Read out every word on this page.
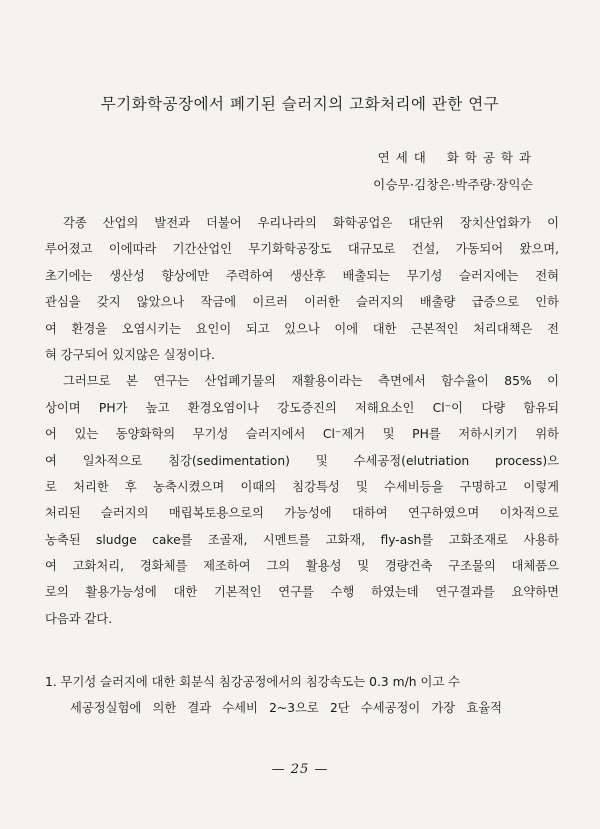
무기화학공장에서 폐기된 슬러지의 고화처리에 관한 연구
연 세 대    화 학 공 학 과
이승무·김창은·박주량·장익순
각종 산업의 발전과 더불어 우리나라의 화학공업은 대단위 장치산업화가 이
루어졌고 이에따라 기간산업인 무기화학공장도 대규모로 건설, 가동되어 왔으며,
초기에는 생산성 향상에만 주력하여 생산후 배출되는 무기성 슬러지에는 전혀
관심을 갖지 않았으나 작금에 이르러 이러한 슬러지의 배출량 급증으로 인하
여 환경을 오염시키는 요인이 되고 있으나 이에 대한 근본적인 처리대책은 전
혀 강구되어 있지않은 실정이다.
그러므로 본 연구는 산업폐기물의 재활용이라는 측면에서 함수율이 85% 이
상이며 PH가 높고 환경오염이나 강도증진의 저해요소인 Cl⁻이 다량 함유되
어 있는 동양화학의 무기성 슬러지에서 Cl⁻제거 및 PH를 저하시키기 위하
여 일차적으로 침강(sedimentation) 및 수세공정(elutriation process)으
로 처리한 후 농축시켰으며 이때의 침강특성 및 수세비등을 구명하고 이렇게
처리된 슬러지의 매립복토용으로의 가능성에 대하여 연구하였으며 이차적으로
농축된 sludge cake를 조골재, 시멘트를 고화재, fly-ash를 고화조재로 사용하
여 고화처리, 경화체를 제조하여 그의 활용성 및 경량건축 구조물의 대체품으
로의 활용가능성에 대한 기본적인 연구를 수행 하였는데 연구결과를 요약하면
다음과 같다.
1. 무기성 슬러지에 대한 회분식 침강공정에서의 침강속도는 0.3 m/h 이고 수
세공정실험에 의한 결과 수세비 2~3으로 2단 수세공정이 가장 효율적
— 25 —
